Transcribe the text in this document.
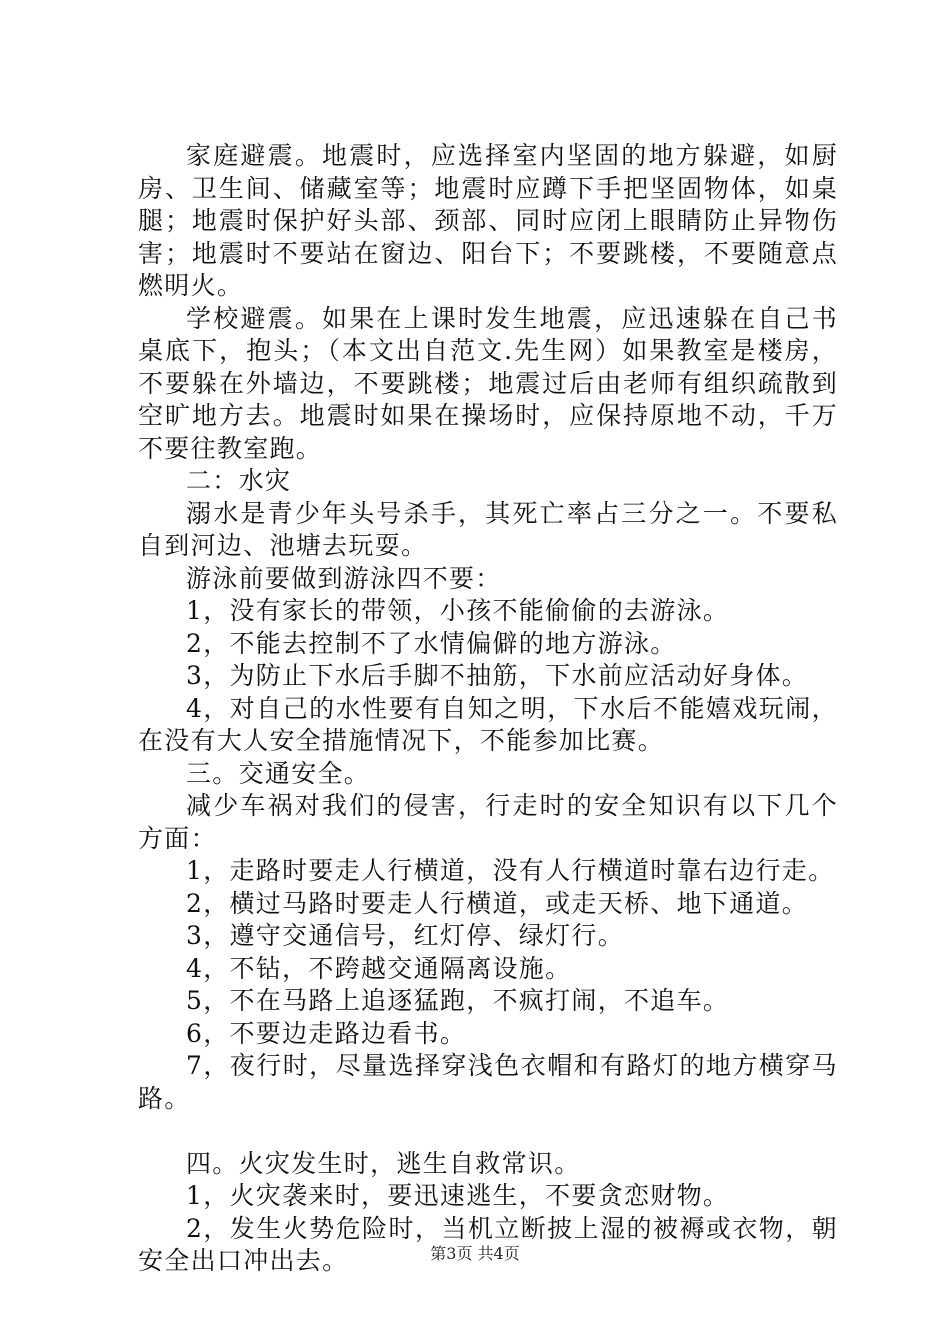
家庭避震。地震时，应选择室内坚固的地方躲避，如厨房、卫生间、储藏室等；地震时应蹲下手把坚固物体，如桌腿；地震时保护好头部、颈部、同时应闭上眼睛防止异物伤害；地震时不要站在窗边、阳台下；不要跳楼，不要随意点燃明火。

学校避震。如果在上课时发生地震，应迅速躲在自己书桌底下，抱头；（本文出自范文.先生网）如果教室是楼房，不要躲在外墙边，不要跳楼；地震过后由老师有组织疏散到空旷地方去。地震时如果在操场时，应保持原地不动，千万不要往教室跑。

二：水灾

溺水是青少年头号杀手，其死亡率占三分之一。不要私自到河边、池塘去玩耍。

游泳前要做到游泳四不要：

1，没有家长的带领，小孩不能偷偷的去游泳。

2，不能去控制不了水情偏僻的地方游泳。

3，为防止下水后手脚不抽筋，下水前应活动好身体。

4，对自己的水性要有自知之明，下水后不能嬉戏玩闹，在没有大人安全措施情况下，不能参加比赛。

三。交通安全。

减少车祸对我们的侵害，行走时的安全知识有以下几个方面：

1，走路时要走人行横道，没有人行横道时靠右边行走。

2，横过马路时要走人行横道，或走天桥、地下通道。

3，遵守交通信号，红灯停、绿灯行。

4，不钻，不跨越交通隔离设施。

5，不在马路上追逐猛跑，不疯打闹，不追车。

6，不要边走路边看书。

7，夜行时，尽量选择穿浅色衣帽和有路灯的地方横穿马路。

四。火灾发生时，逃生自救常识。

1，火灾袭来时，要迅速逃生，不要贪恋财物。

2，发生火势危险时，当机立断披上湿的被褥或衣物，朝安全出口冲出去。	第3页 共4页
